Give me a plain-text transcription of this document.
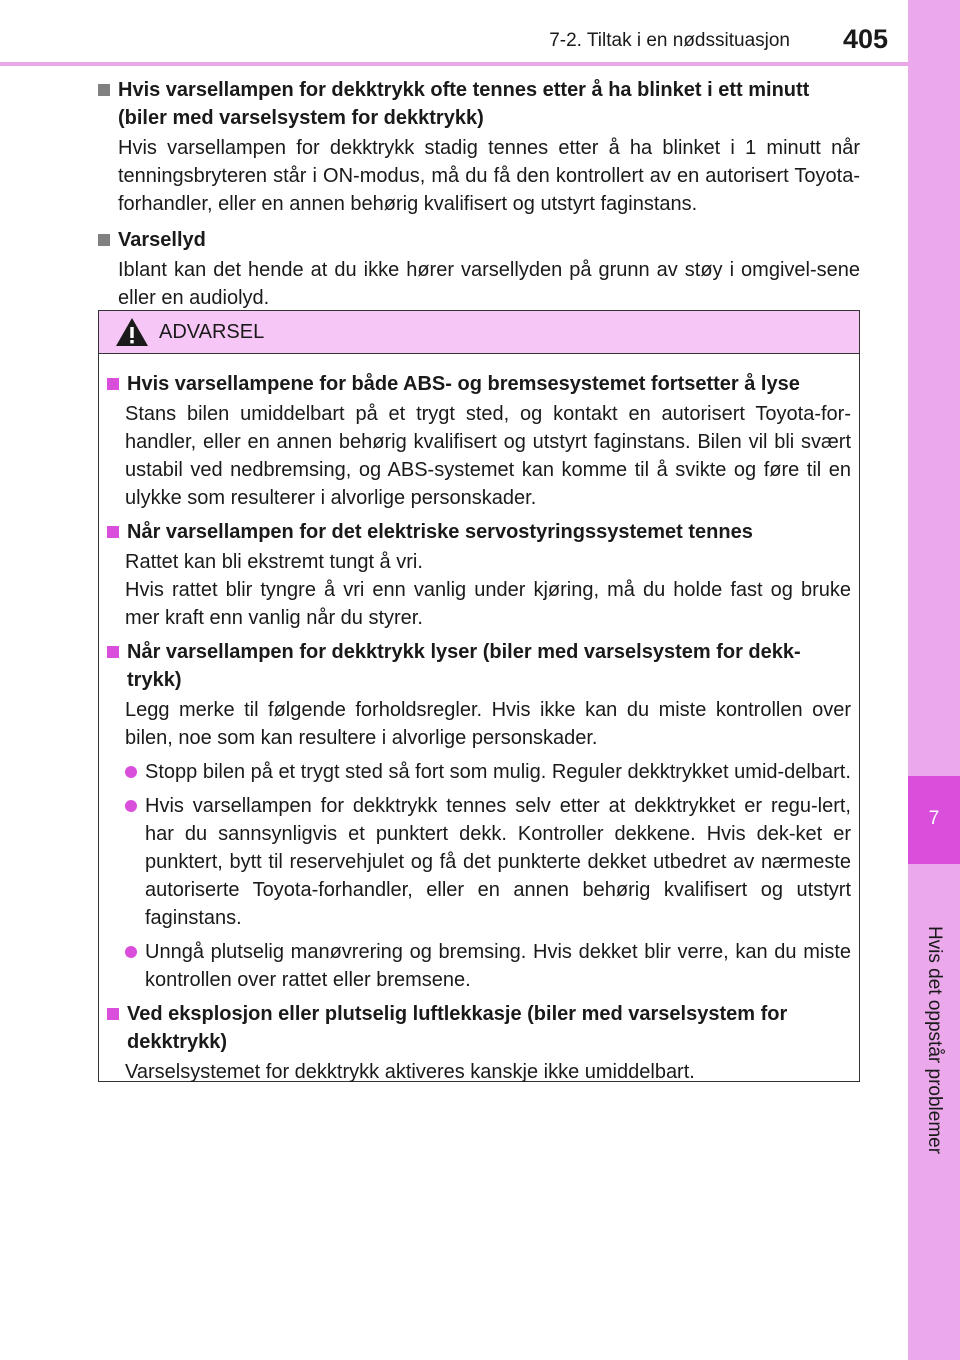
7-2. Tiltak i en nødssituasjon 405
7
Hvis det oppstår problemer
Hvis varsellampen for dekktrykk ofte tennes etter å ha blinket i ett minutt (biler med varselsystem for dekktrykk)
Hvis varsellampen for dekktrykk stadig tennes etter å ha blinket i 1 minutt når tenningsbryteren står i ON-modus, må du få den kontrollert av en autorisert Toyota-forhandler, eller en annen behørig kvalifisert og utstyrt faginstans.
Varsellyd
Iblant kan det hende at du ikke hører varsellyden på grunn av støy i omgivel-sene eller en audiolyd.
ADVARSEL
Hvis varsellampene for både ABS- og bremsesystemet fortsetter å lyse
Stans bilen umiddelbart på et trygt sted, og kontakt en autorisert Toyota-for-handler, eller en annen behørig kvalifisert og utstyrt faginstans. Bilen vil bli svært ustabil ved nedbremsing, og ABS-systemet kan komme til å svikte og føre til en ulykke som resulterer i alvorlige personskader.
Når varsellampen for det elektriske servostyringssystemet tennes
Rattet kan bli ekstremt tungt å vri.
Hvis rattet blir tyngre å vri enn vanlig under kjøring, må du holde fast og bruke mer kraft enn vanlig når du styrer.
Når varsellampen for dekktrykk lyser (biler med varselsystem for dekk-trykk)
Legg merke til følgende forholdsregler. Hvis ikke kan du miste kontrollen over bilen, noe som kan resultere i alvorlige personskader.
Stopp bilen på et trygt sted så fort som mulig. Reguler dekktrykket umid-delbart.
Hvis varsellampen for dekktrykk tennes selv etter at dekktrykket er regu-lert, har du sannsynligvis et punktert dekk. Kontroller dekkene. Hvis dek-ket er punktert, bytt til reservehjulet og få det punkterte dekket utbedret av nærmeste autoriserte Toyota-forhandler, eller en annen behørig kvalifisert og utstyrt faginstans.
Unngå plutselig manøvrering og bremsing. Hvis dekket blir verre, kan du miste kontrollen over rattet eller bremsene.
Ved eksplosjon eller plutselig luftlekkasje (biler med varselsystem for dekktrykk)
Varselsystemet for dekktrykk aktiveres kanskje ikke umiddelbart.
